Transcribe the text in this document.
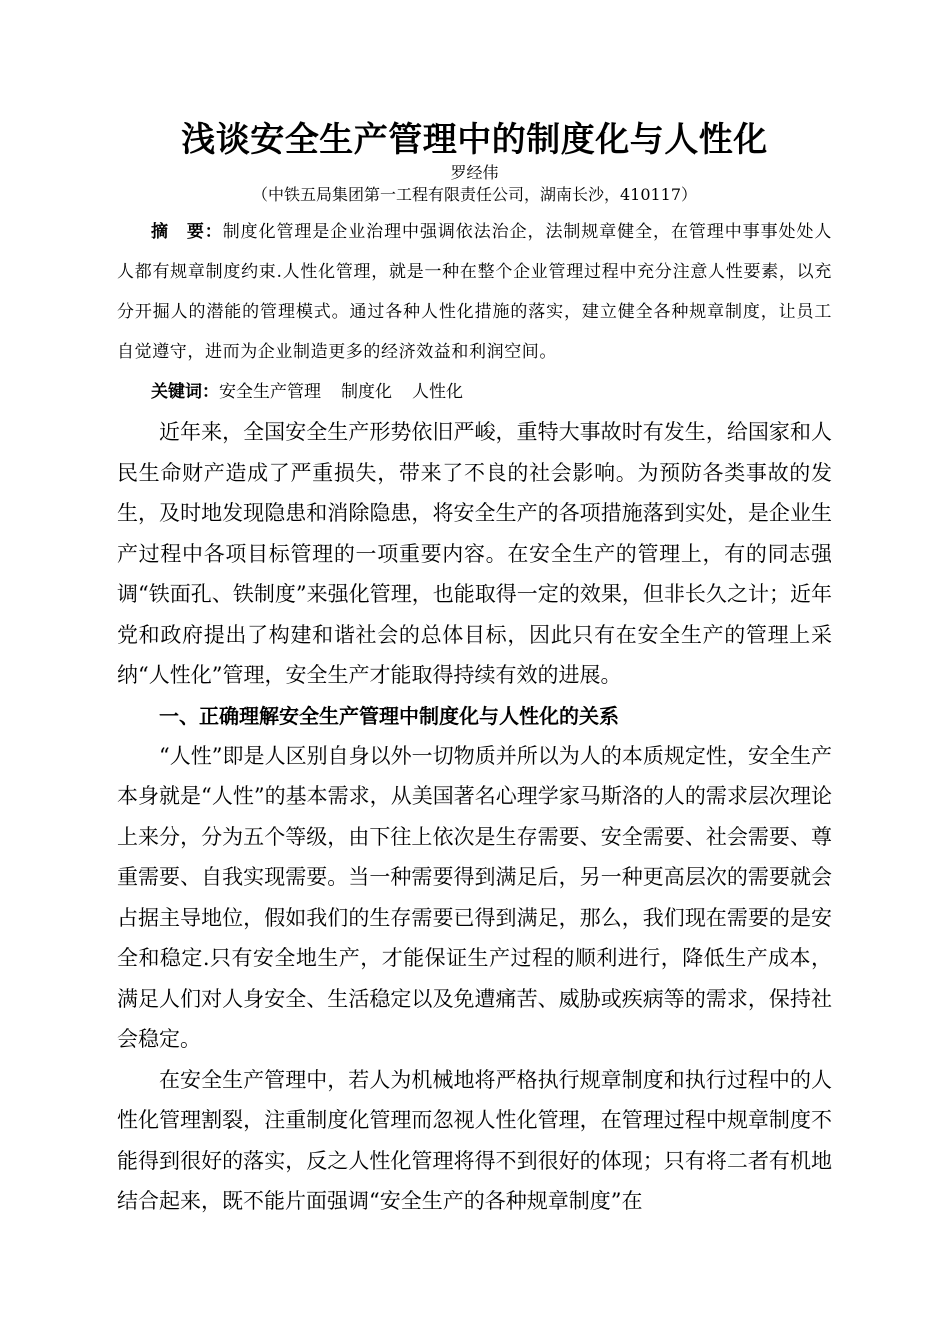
浅谈安全生产管理中的制度化与人性化
罗经伟
（中铁五局集团第一工程有限责任公司，湖南长沙，410117）
摘　要：制度化管理是企业治理中强调依法治企，法制规章健全，在管理中事事处处人人都有规章制度约束.人性化管理，就是一种在整个企业管理过程中充分注意人性要素，以充分开掘人的潜能的管理模式。通过各种人性化措施的落实，建立健全各种规章制度，让员工自觉遵守，进而为企业制造更多的经济效益和利润空间。
关键词：安全生产管理 制度化 人性化

近年来，全国安全生产形势依旧严峻，重特大事故时有发生，给国家和人民生命财产造成了严重损失，带来了不良的社会影响。为预防各类事故的发生，及时地发现隐患和消除隐患，将安全生产的各项措施落到实处，是企业生产过程中各项目标管理的一项重要内容。在安全生产的管理上，有的同志强调“铁面孔、铁制度”来强化管理，也能取得一定的效果，但非长久之计；近年党和政府提出了构建和谐社会的总体目标，因此只有在安全生产的管理上采纳“人性化”管理，安全生产才能取得持续有效的进展。

一、正确理解安全生产管理中制度化与人性化的关系

“人性”即是人区别自身以外一切物质并所以为人的本质规定性，安全生产本身就是“人性”的基本需求，从美国著名心理学家马斯洛的人的需求层次理论上来分，分为五个等级，由下往上依次是生存需要、安全需要、社会需要、尊重需要、自我实现需要。当一种需要得到满足后，另一种更高层次的需要就会占据主导地位，假如我们的生存需要已得到满足，那么，我们现在需要的是安全和稳定.只有安全地生产，才能保证生产过程的顺利进行，降低生产成本，满足人们对人身安全、生活稳定以及免遭痛苦、威胁或疾病等的需求，保持社会稳定。

在安全生产管理中，若人为机械地将严格执行规章制度和执行过程中的人性化管理割裂，注重制度化管理而忽视人性化管理，在管理过程中规章制度不能得到很好的落实，反之人性化管理将得不到很好的体现；只有将二者有机地结合起来，既不能片面强调“安全生产的各种规章制度”在
